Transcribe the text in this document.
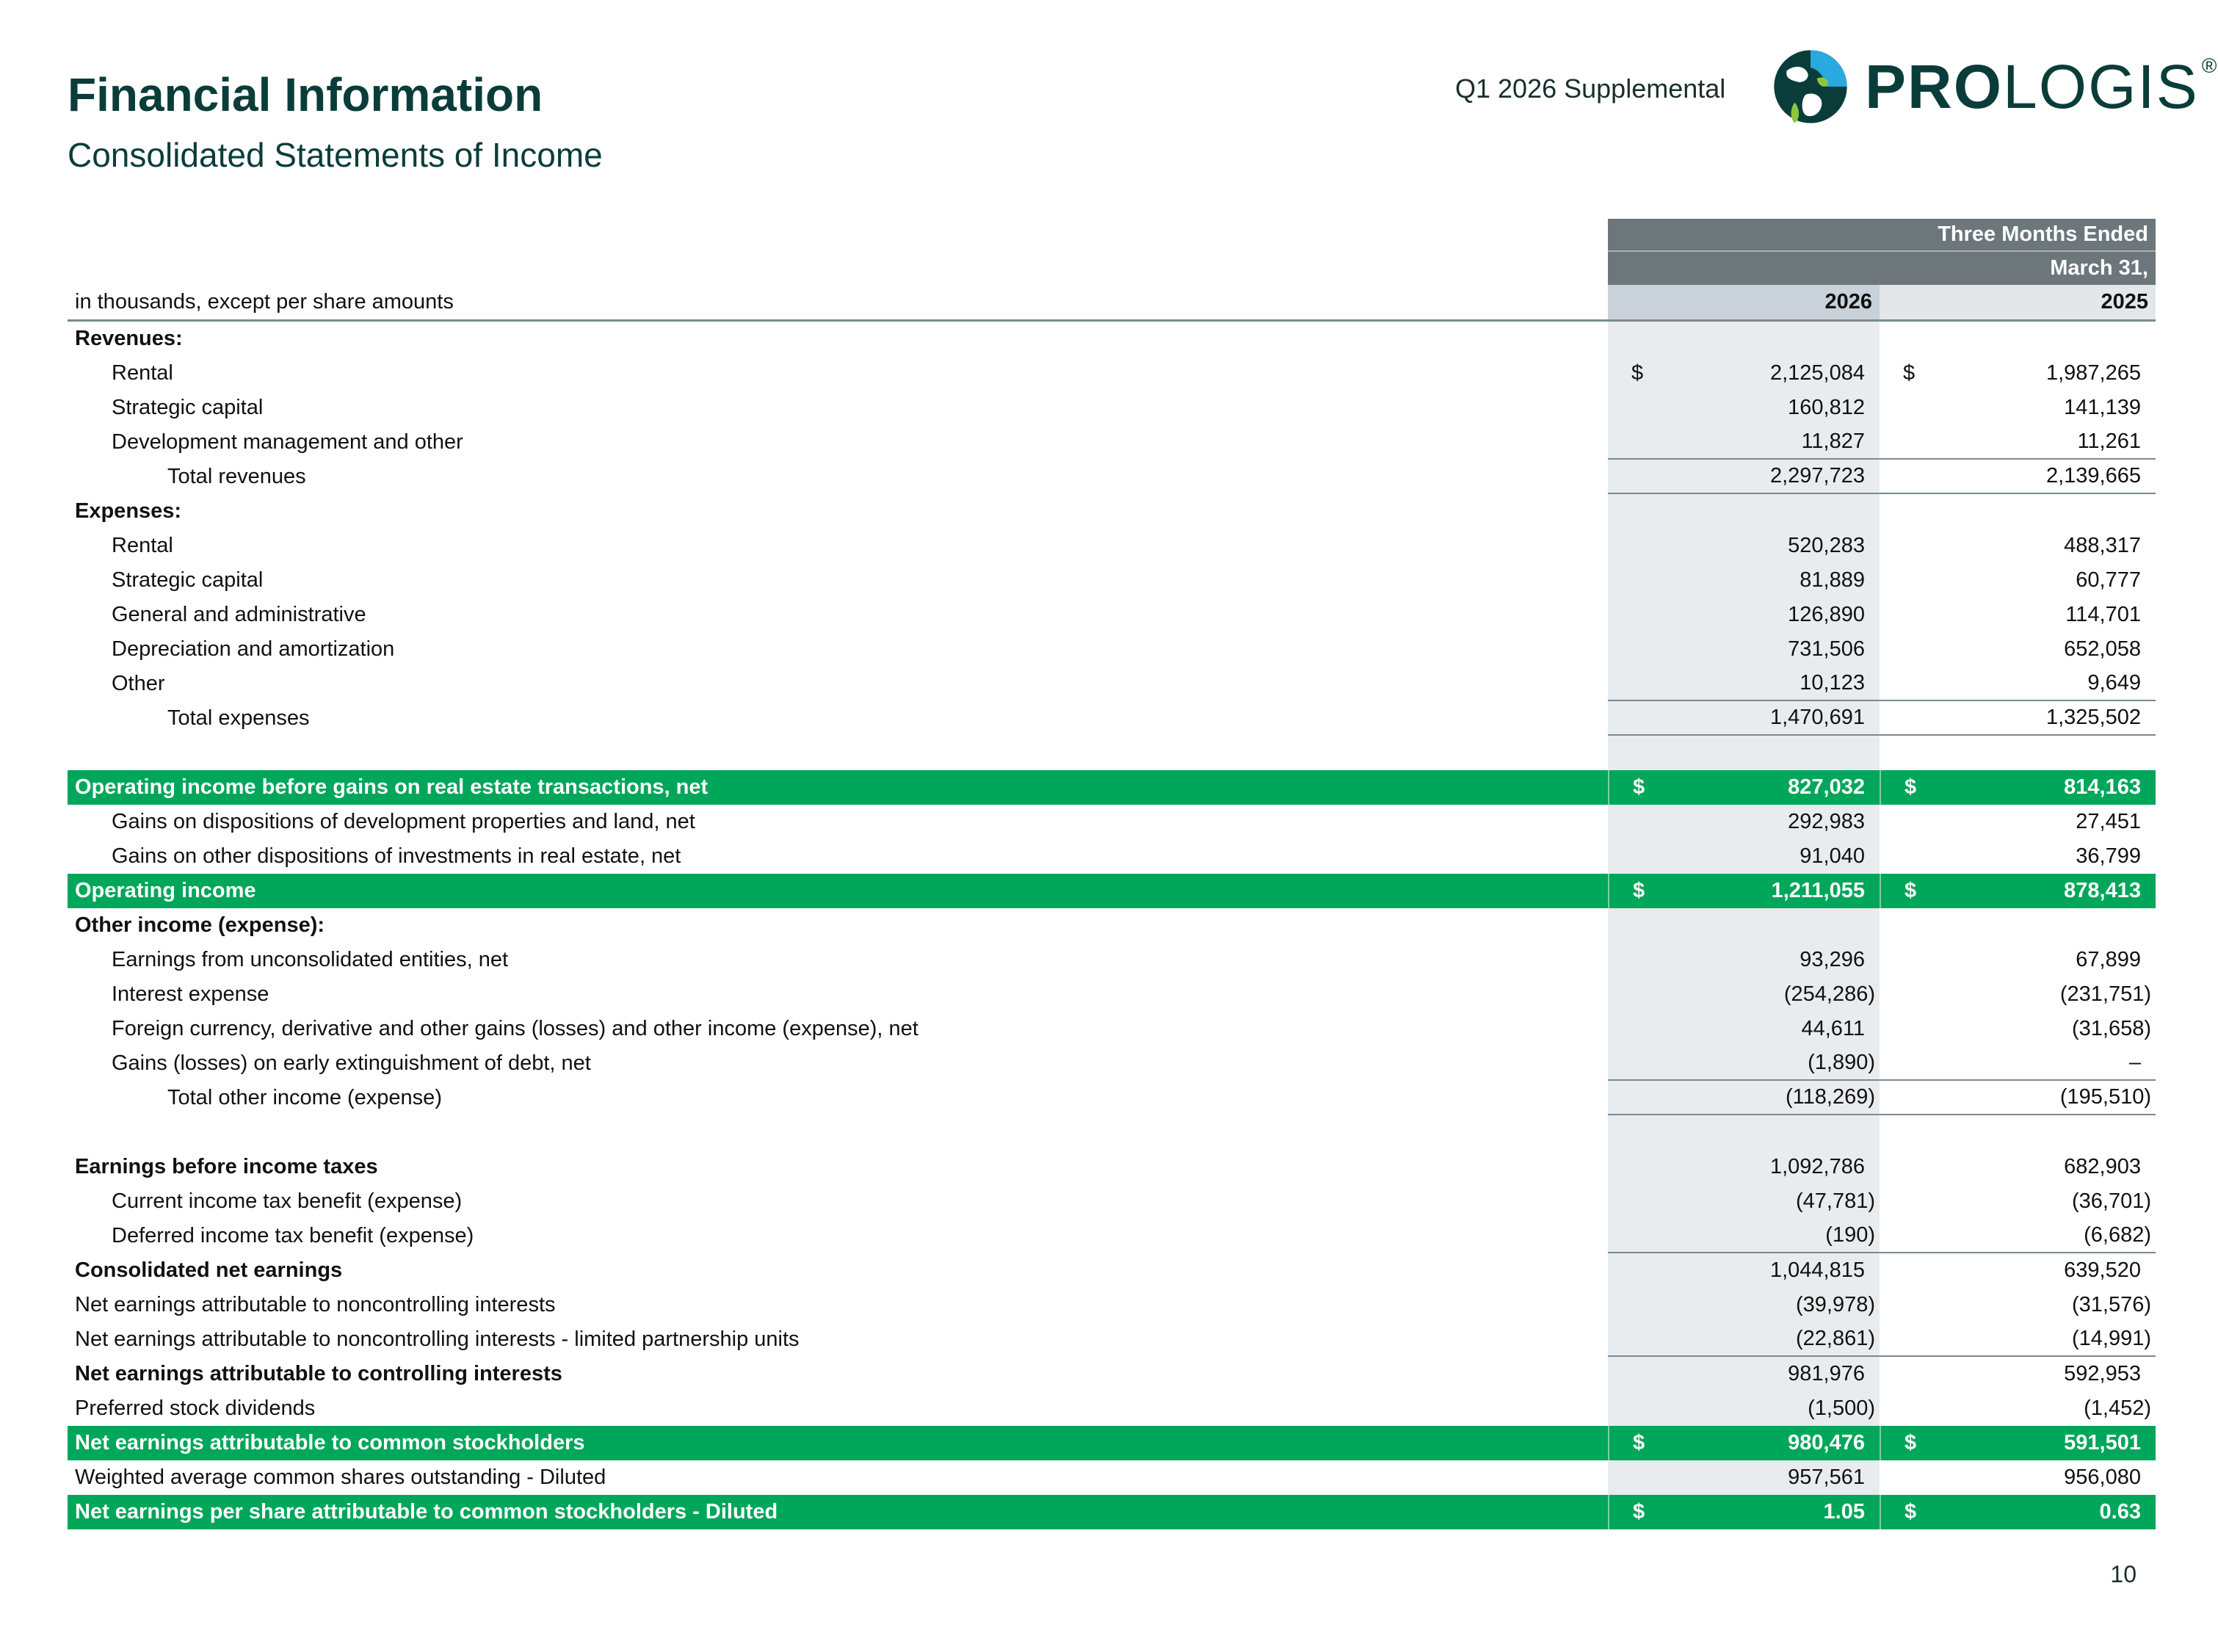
Financial Information
Consolidated Statements of Income
Q1 2026 Supplemental PROLOGIS ®
Three Months Ended
March 31,
in thousands, except per share amounts	2026	2025
Revenues:
Rental	$	2,125,084	$	1,987,265
Strategic capital	160,812	141,139
Development management and other	11,827	11,261
Total revenues	2,297,723	2,139,665
Expenses:
Rental	520,283	488,317
Strategic capital	81,889	60,777
General and administrative	126,890	114,701
Depreciation and amortization	731,506	652,058
Other	10,123	9,649
Total expenses	1,470,691	1,325,502
Operating income before gains on real estate transactions, net	$	827,032	$	814,163
Gains on dispositions of development properties and land, net	292,983	27,451
Gains on other dispositions of investments in real estate, net	91,040	36,799
Operating income	$	1,211,055	$	878,413
Other income (expense):
Earnings from unconsolidated entities, net	93,296	67,899
Interest expense	(254,286)	(231,751)
Foreign currency, derivative and other gains (losses) and other income (expense), net	44,611	(31,658)
Gains (losses) on early extinguishment of debt, net	(1,890)	–
Total other income (expense)	(118,269)	(195,510)
Earnings before income taxes	1,092,786	682,903
Current income tax benefit (expense)	(47,781)	(36,701)
Deferred income tax benefit (expense)	(190)	(6,682)
Consolidated net earnings	1,044,815	639,520
Net earnings attributable to noncontrolling interests	(39,978)	(31,576)
Net earnings attributable to noncontrolling interests - limited partnership units	(22,861)	(14,991)
Net earnings attributable to controlling interests	981,976	592,953
Preferred stock dividends	(1,500)	(1,452)
Net earnings attributable to common stockholders	$	980,476	$	591,501
Weighted average common shares outstanding - Diluted	957,561	956,080
Net earnings per share attributable to common stockholders - Diluted	$	1.05	$	0.63
10
